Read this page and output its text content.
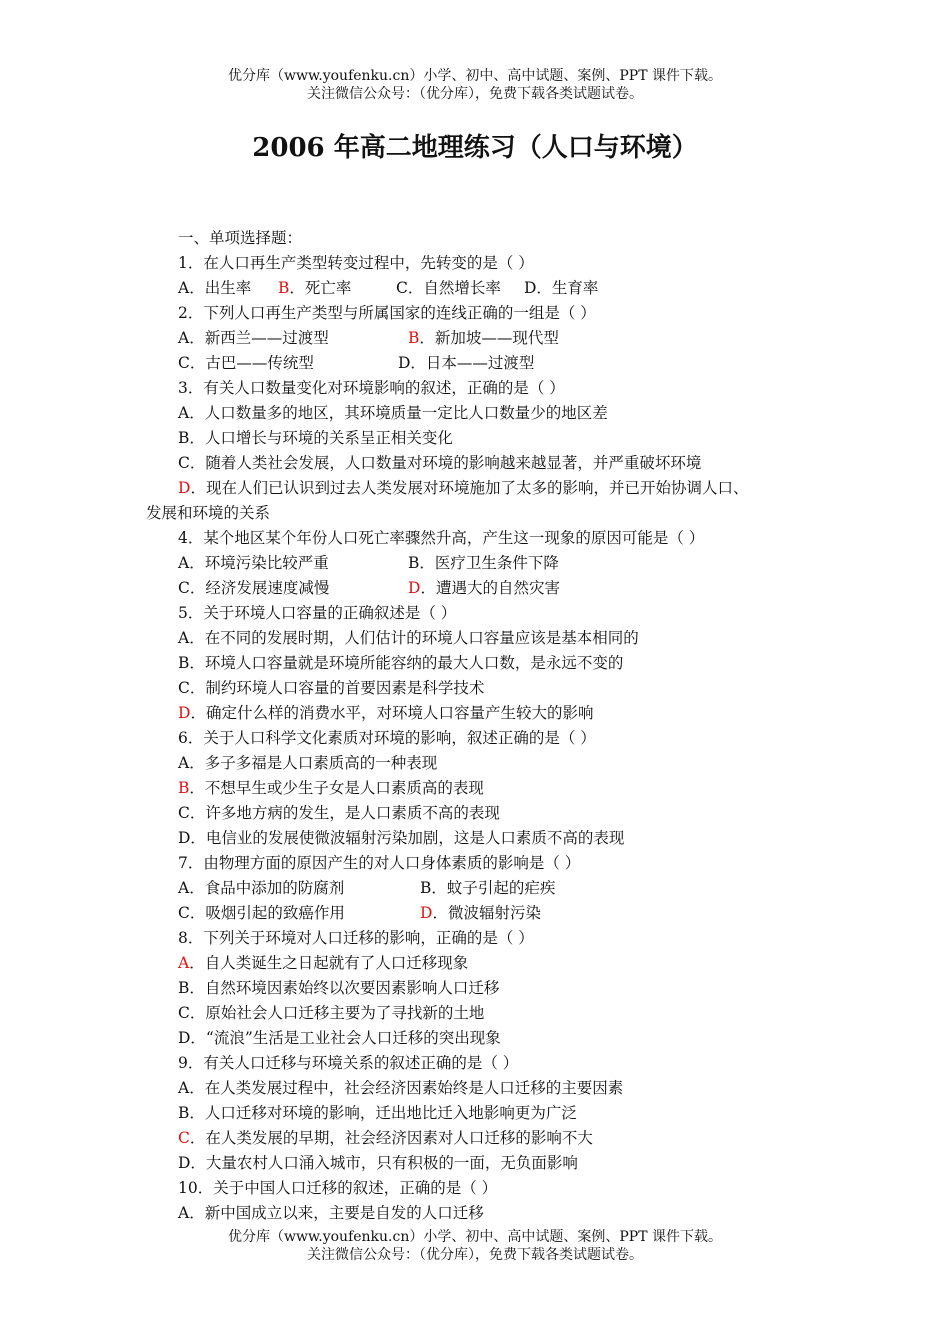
优分库（www.youfenku.cn）小学、初中、高中试题、案例、PPT 课件下载。
关注微信公众号：（优分库），免费下载各类试题试卷。
2006 年高二地理练习（人口与环境）
一、单项选择题：
1．在人口再生产类型转变过程中，先转变的是（ ）
A．出生率 B．死亡率	C．自然增长率 D．生育率
2．下列人口再生产类型与所属国家的连线正确的一组是（ ）
A．新西兰——过渡型	B．新加坡——现代型
C．古巴——传统型	D．日本——过渡型
3．有关人口数量变化对环境影响的叙述，正确的是（ ）
A．人口数量多的地区，其环境质量一定比人口数量少的地区差
B．人口增长与环境的关系呈正相关变化
C．随着人类社会发展，人口数量对环境的影响越来越显著，并严重破坏环境
D．现在人们已认识到过去人类发展对环境施加了太多的影响，并已开始协调人口、
发展和环境的关系
4．某个地区某个年份人口死亡率骤然升高，产生这一现象的原因可能是（ ）
A．环境污染比较严重	B．医疗卫生条件下降
C．经济发展速度减慢	D．遭遇大的自然灾害
5．关于环境人口容量的正确叙述是（ ）
A．在不同的发展时期，人们估计的环境人口容量应该是基本相同的
B．环境人口容量就是环境所能容纳的最大人口数，是永远不变的
C．制约环境人口容量的首要因素是科学技术
D．确定什么样的消费水平，对环境人口容量产生较大的影响
6．关于人口科学文化素质对环境的影响，叙述正确的是（ ）
A．多子多福是人口素质高的一种表现
B．不想早生或少生子女是人口素质高的表现
C．许多地方病的发生，是人口素质不高的表现
D．电信业的发展使微波辐射污染加剧，这是人口素质不高的表现
7．由物理方面的原因产生的对人口身体素质的影响是（ ）
A．食品中添加的防腐剂	B．蚊子引起的疟疾
C．吸烟引起的致癌作用	D．微波辐射污染
8．下列关于环境对人口迁移的影响，正确的是（ ）
A．自人类诞生之日起就有了人口迁移现象
B．自然环境因素始终以次要因素影响人口迁移
C．原始社会人口迁移主要为了寻找新的土地
D．“流浪”生活是工业社会人口迁移的突出现象
9．有关人口迁移与环境关系的叙述正确的是（ ）
A．在人类发展过程中，社会经济因素始终是人口迁移的主要因素
B．人口迁移对环境的影响，迁出地比迁入地影响更为广泛
C．在人类发展的早期，社会经济因素对人口迁移的影响不大
D．大量农村人口涌入城市，只有积极的一面，无负面影响
10．关于中国人口迁移的叙述，正确的是（ ）
A．新中国成立以来，主要是自发的人口迁移
优分库（www.youfenku.cn）小学、初中、高中试题、案例、PPT 课件下载。
关注微信公众号：（优分库），免费下载各类试题试卷。
